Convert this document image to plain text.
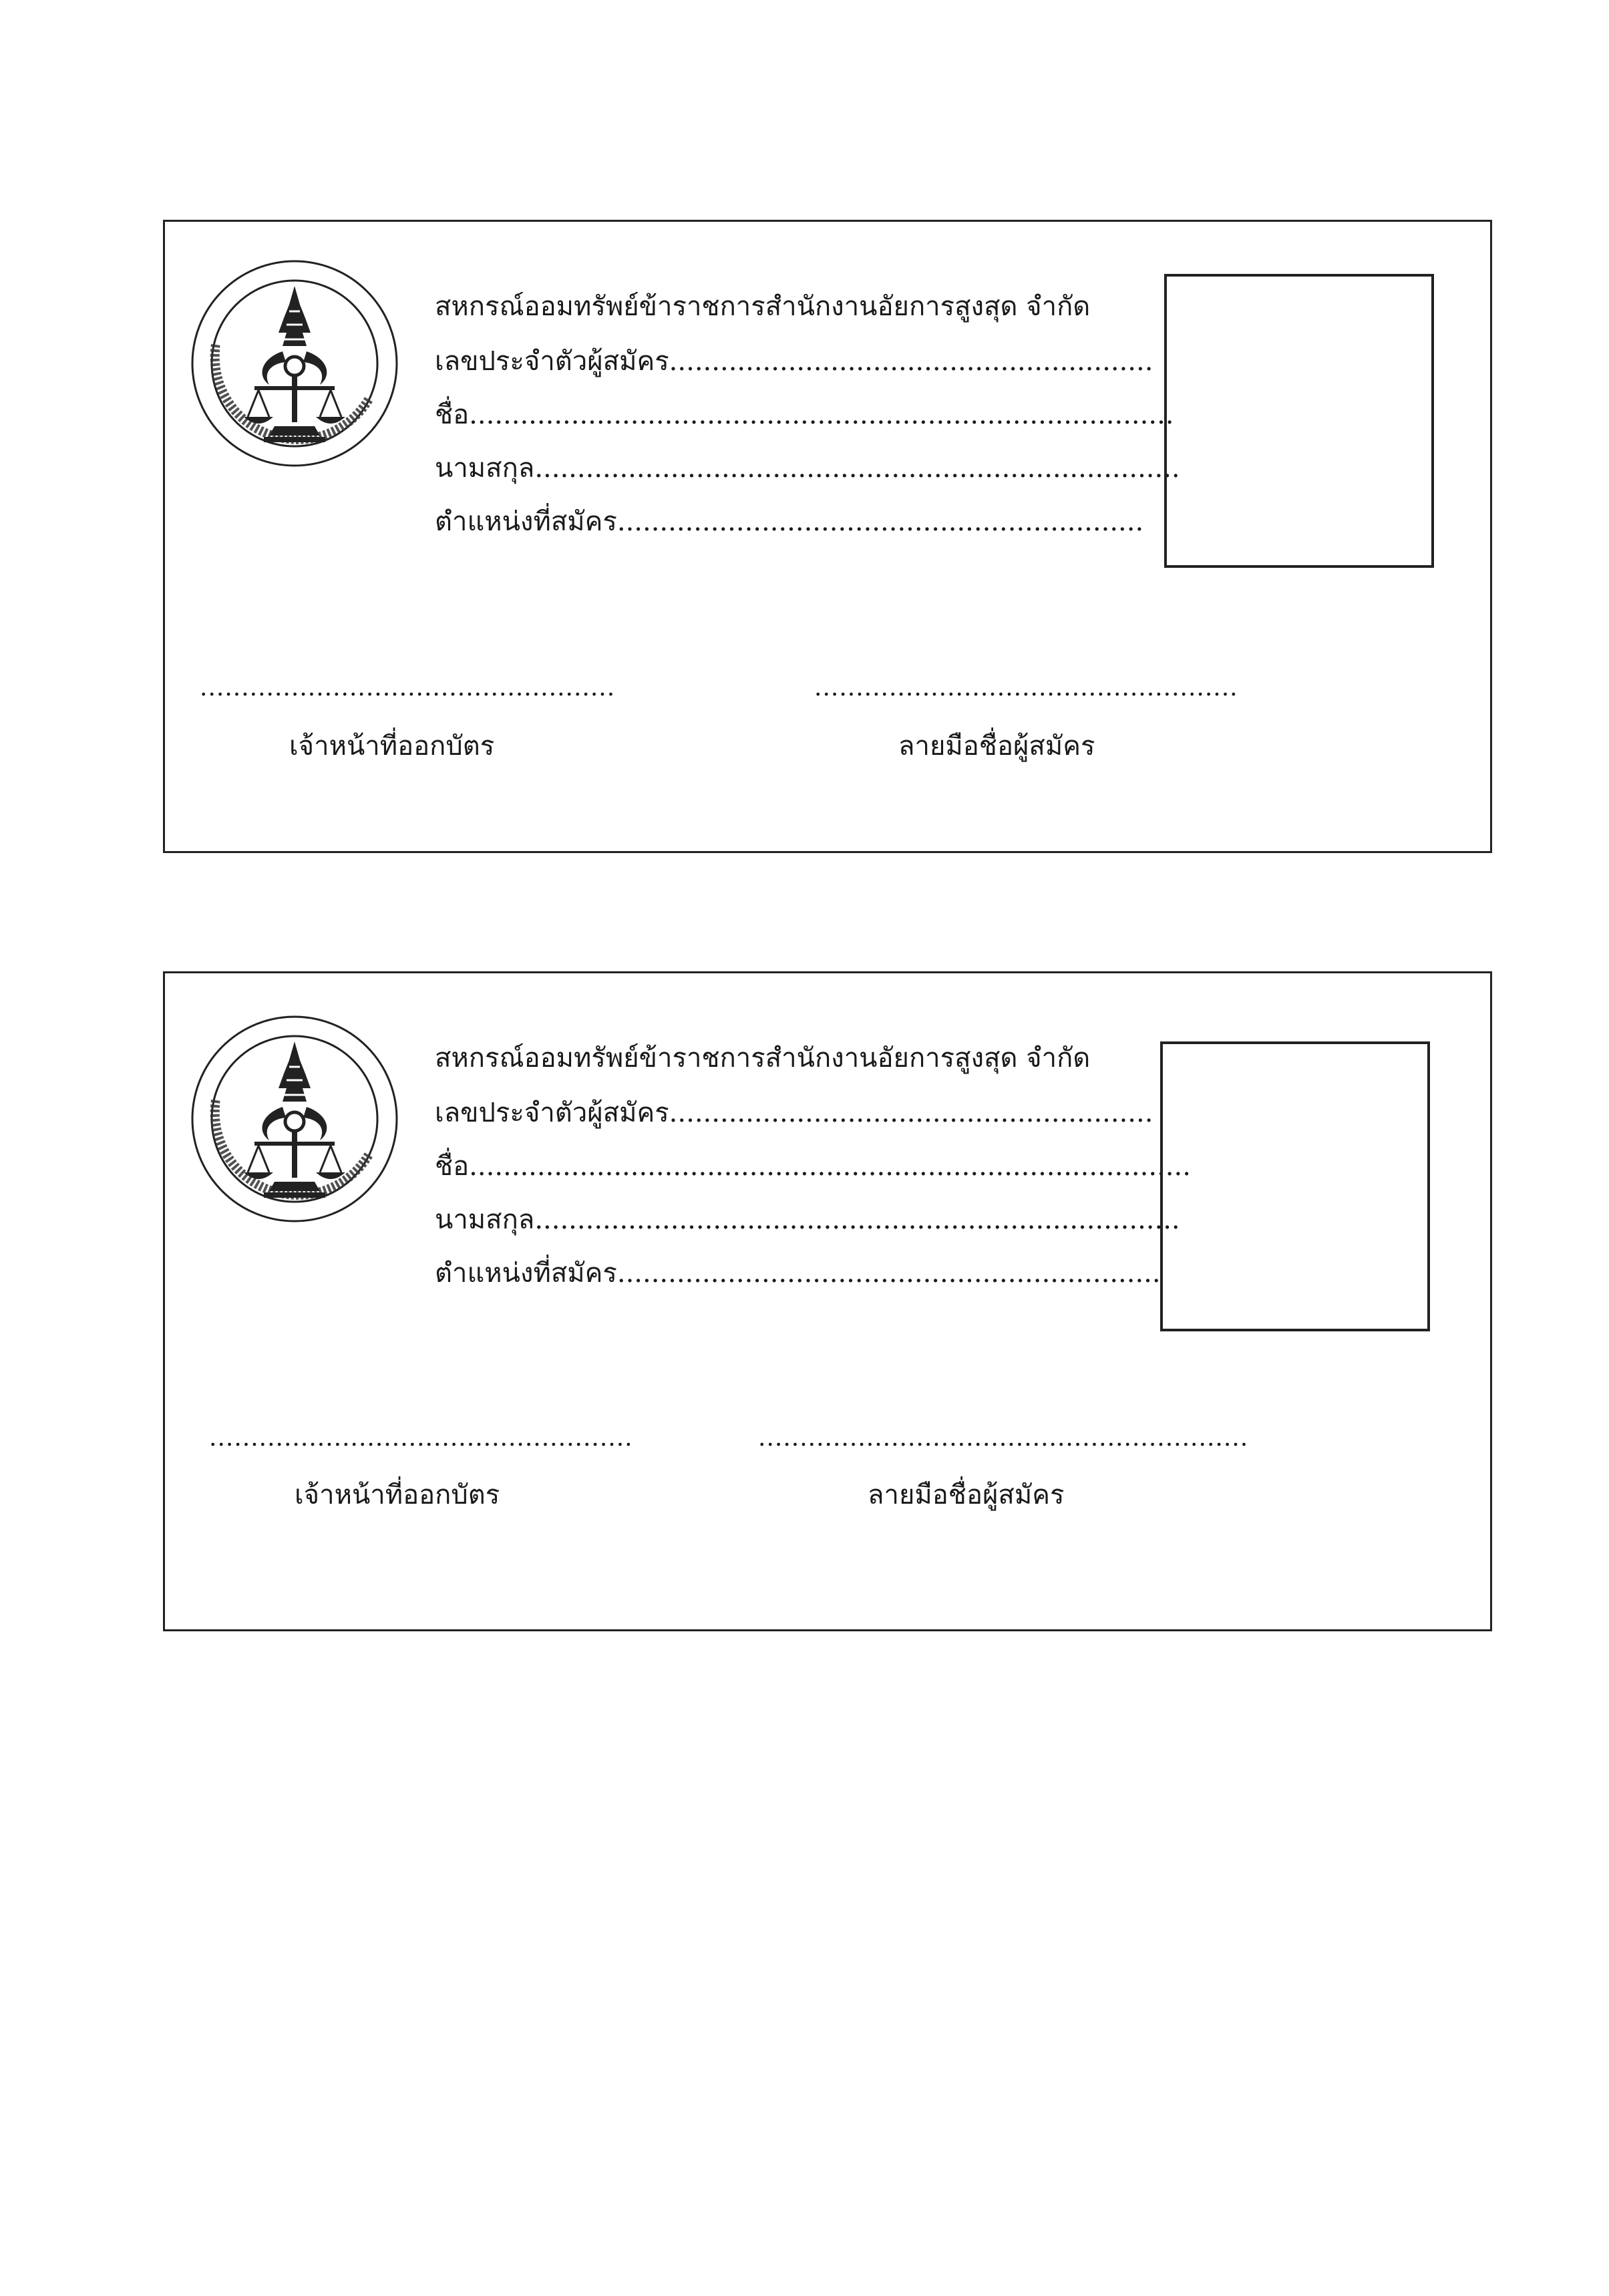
สหกรณ์ออมทรัพย์ข้าราชการสำนักงานอัยการสูงสุด จำกัด
เลขประจำตัวผู้สมัคร.........................................................
ชื่อ...................................................................................
นามสกุล............................................................................
ตำแหน่งที่สมัคร..............................................................
..................................................	...................................................
เจ้าหน้าที่ออกบัตร	ลายมือชื่อผู้สมัคร
สหกรณ์ออมทรัพย์ข้าราชการสำนักงานอัยการสูงสุด จำกัด
เลขประจำตัวผู้สมัคร.........................................................
ชื่อ.....................................................................................
นามสกุล............................................................................
ตำแหน่งที่สมัคร................................................................
...................................................	...........................................................
เจ้าหน้าที่ออกบัตร	ลายมือชื่อผู้สมัคร
